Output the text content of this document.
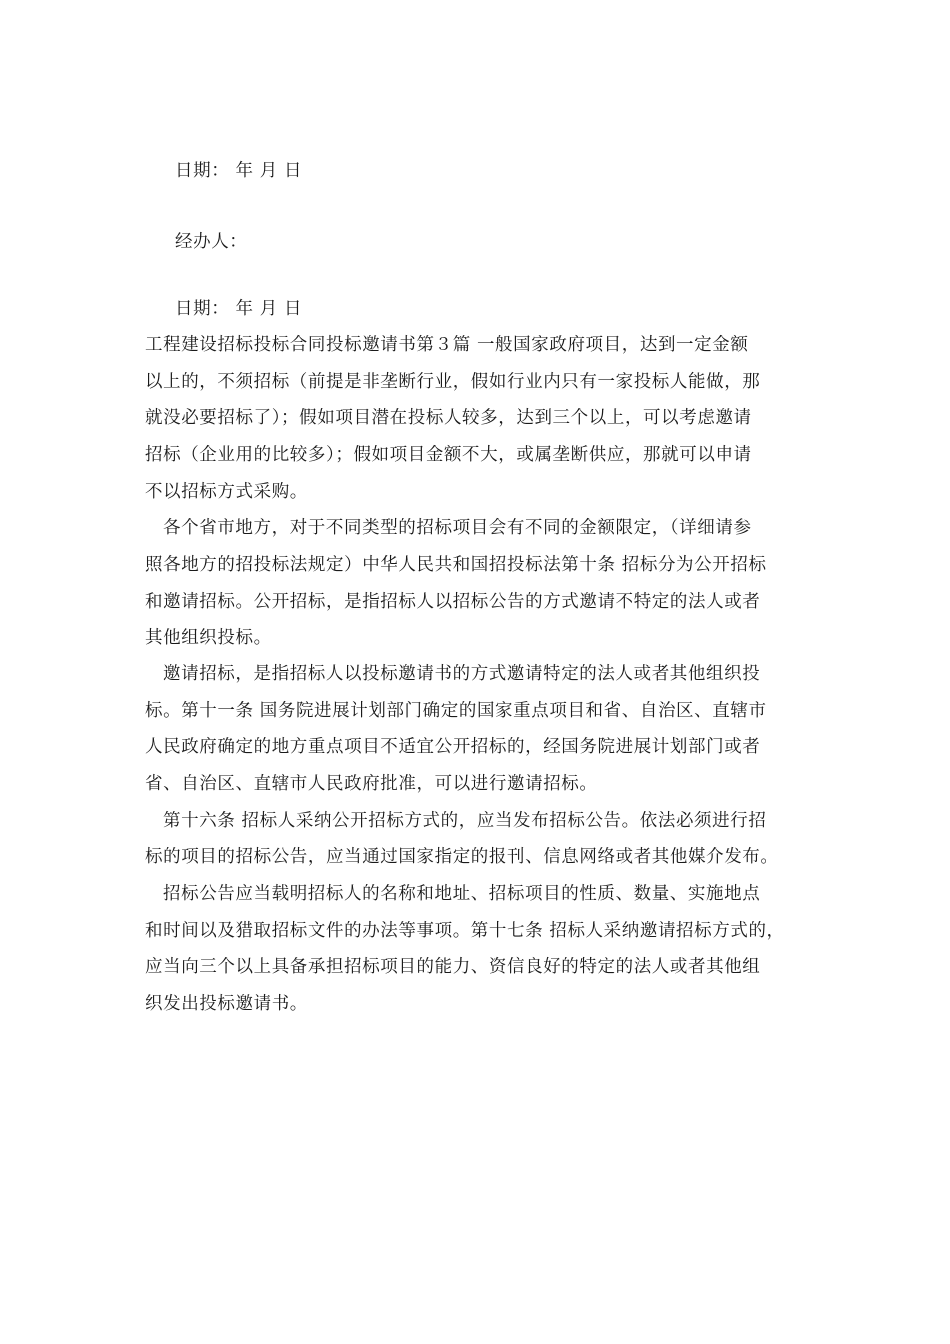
日期： 年 月 日
经办人：
日期： 年 月 日
工程建设招标投标合同投标邀请书第３篇 一般国家政府项目，达到一定金额
以上的，不须招标（前提是非垄断行业，假如行业内只有一家投标人能做，那
就没必要招标了）；假如项目潜在投标人较多，达到三个以上，可以考虑邀请
招标（企业用的比较多）；假如项目金额不大，或属垄断供应，那就可以申请
不以招标方式采购。
各个省市地方，对于不同类型的招标项目会有不同的金额限定，（详细请参
照各地方的招投标法规定）中华人民共和国招投标法第十条 招标分为公开招标
和邀请招标。公开招标，是指招标人以招标公告的方式邀请不特定的法人或者
其他组织投标。
邀请招标，是指招标人以投标邀请书的方式邀请特定的法人或者其他组织投
标。第十一条 国务院进展计划部门确定的国家重点项目和省、自治区、直辖市
人民政府确定的地方重点项目不适宜公开招标的，经国务院进展计划部门或者
省、自治区、直辖市人民政府批准，可以进行邀请招标。
第十六条 招标人采纳公开招标方式的，应当发布招标公告。依法必须进行招
标的项目的招标公告，应当通过国家指定的报刊、信息网络或者其他媒介发布。
招标公告应当载明招标人的名称和地址、招标项目的性质、数量、实施地点
和时间以及猎取招标文件的办法等事项。第十七条 招标人采纳邀请招标方式的，
应当向三个以上具备承担招标项目的能力、资信良好的特定的法人或者其他组
织发出投标邀请书。
